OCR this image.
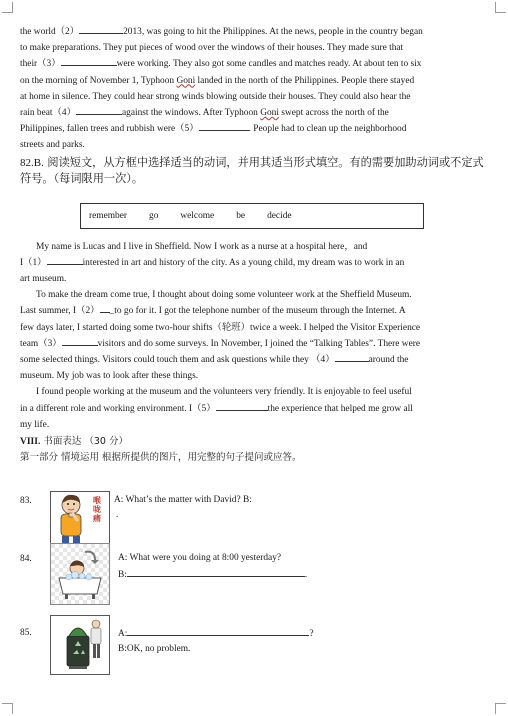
the world（2）	2013, was going to hit the Philippines. At the news, people in the country began

to make preparations. They put pieces of wood over the windows of their houses. They made sure that

their（3）	were working. They also got some candles and matches ready. At about ten to six

on the morning of November 1, Typhoon Goni landed in the north of the Philippines. People there stayed

at home in silence. They could hear strong winds blowing outside their houses. They could also hear the

rain beat（4）	against the windows. After Typhoon Goni swept across the north of the

Philippines, fallen trees and rubbish were（5）	. People had to clean up the neighborhood

streets and parks.

82.B. 阅读短文，从方框中选择适当的动词，并用其适当形式填空。有的需要加助动词或不定式符号。（每词限用一次）。
remember go welcome be decide

My name is Lucas and I live in Sheffield. Now I work as a nurse at a hospital here，and

I（1）	interested in art and history of the city. As a young child, my dream was to work in an

art museum.

To make the dream come true, I thought about doing some volunteer work at the Sheffield Museum.

Last summer, I（2） _to go for it. I got the telephone number of the museum through the Internet. A

few days later, I started doing some two-hour shifts（轮班）twice a week. I helped the Visitor Experience

team（3）	visitors and do some surveys. In November, I joined the “Talking Tables”. There were

some selected things. Visitors could touch them and ask questions while they （4）	around the

museum. My job was to look after these things.

I found people working at the museum and the volunteers very friendly. It is enjoyable to feel useful

in a different role and working environment. I（5）	the experience that helped me grow all

my life.

VIII. 书面表达 （30 分）
第一部分 情境运用 根据所提供的图片，用完整的句子提问或应答。
83.	喉咙痛
A: What’s the matter with David? B:
.
84.	A: What were you doing at 8:00 yesterday?
B:	.
85.	A:	?
B:OK, no problem.
